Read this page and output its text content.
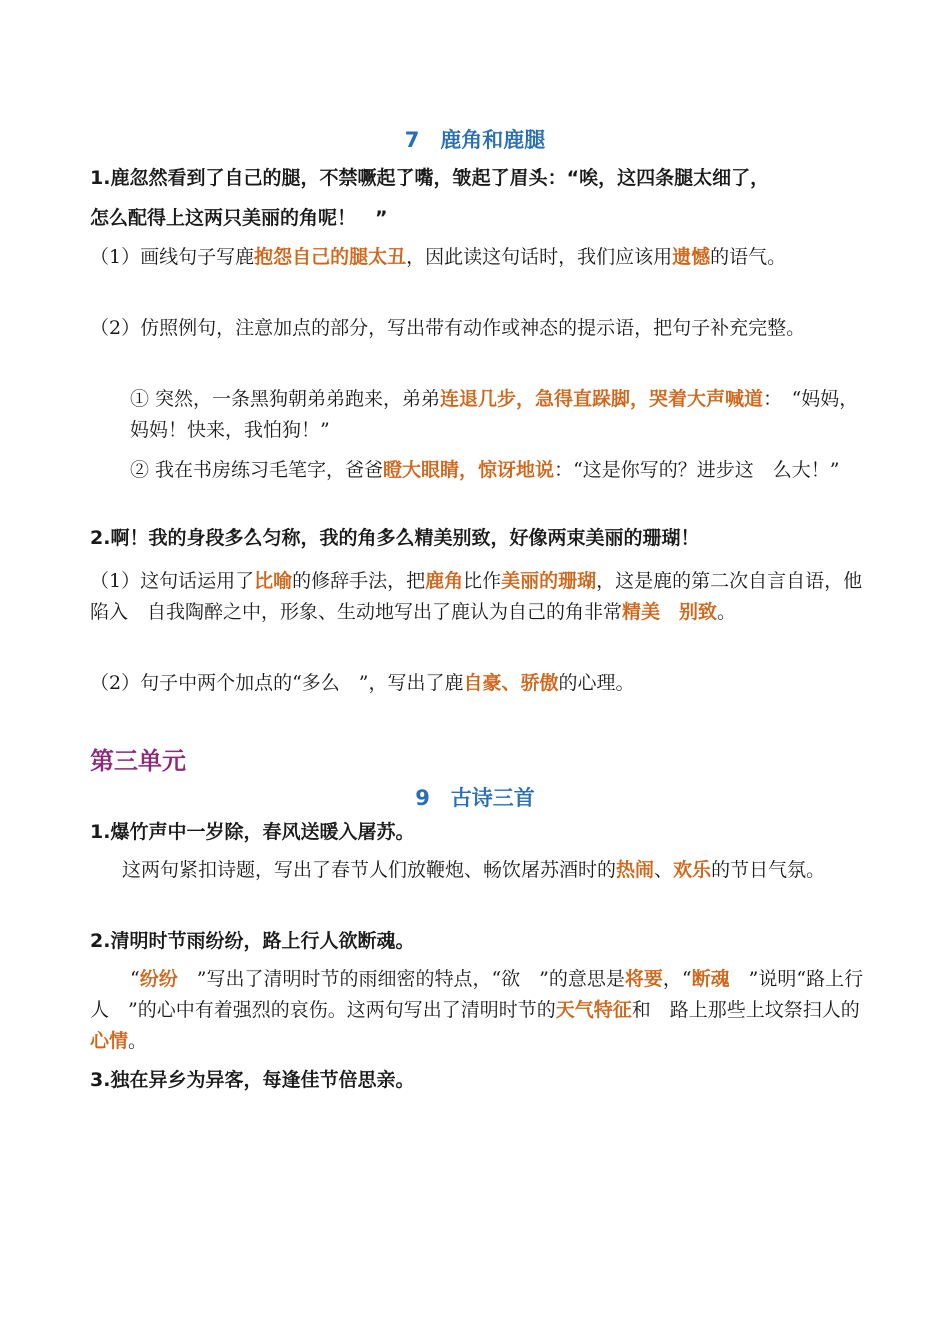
7　鹿角和鹿腿
1.鹿忽然看到了自己的腿，不禁噘起了嘴，皱起了眉头：“唉，这四条腿太细了，
怎么配得上这两只美丽的角呢！　”
（1）画线句子写鹿抱怨自己的腿太丑，因此读这句话时，我们应该用遗憾的语气。
（2）仿照例句，注意加点的部分，写出带有动作或神态的提示语，把句子补充完整。
① 突然，一条黑狗朝弟弟跑来，弟弟连退几步，急得直跺脚，哭着大声喊道：　“妈妈，妈妈！快来，我怕狗！”
② 我在书房练习毛笔字，爸爸瞪大眼睛，惊讶地说：“这是你写的？进步这　么大！”
2.啊！我的身段多么匀称，我的角多么精美别致，好像两束美丽的珊瑚！
（1）这句话运用了比喻的修辞手法，把鹿角比作美丽的珊瑚，这是鹿的第二次自言自语，他陷入　自我陶醉之中，形象、生动地写出了鹿认为自己的角非常精美　别致。
（2）句子中两个加点的“多么　”，写出了鹿自豪、骄傲的心理。
第三单元
9　古诗三首
1.爆竹声中一岁除，春风送暖入屠苏。
这两句紧扣诗题，写出了春节人们放鞭炮、畅饮屠苏酒时的热闹、欢乐的节日气氛。
2.清明时节雨纷纷，路上行人欲断魂。
“纷纷　”写出了清明时节的雨细密的特点，“欲　”的意思是将要，“断魂　”说明“路上行人　”的心中有着强烈的哀伤。这两句写出了清明时节的天气特征和　路上那些上坟祭扫人的心情。
3.独在异乡为异客，每逢佳节倍思亲。
